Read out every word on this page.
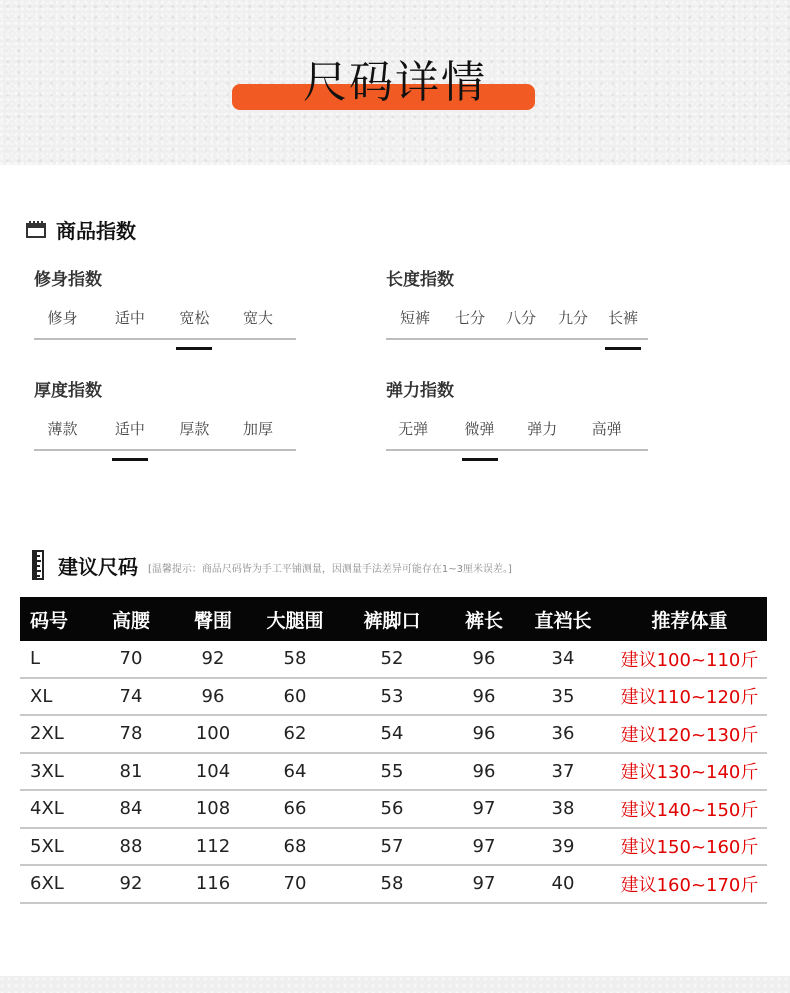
尺码详情
商品指数
修身指数
修身	适中	宽松	宽大
长度指数
短裤	七分	八分	九分	长裤
厚度指数
薄款	适中	厚款	加厚
弹力指数
无弹	微弹	弹力	高弹
建议尺码 [温馨提示：商品尺码皆为手工平铺测量，因测量手法差异可能存在1~3厘米误差。]
码号	高腰	臀围	大腿围	裤脚口	裤长	直裆长	推荐体重
L	70	92	58	52	96	34	建议100~110斤
XL	74	96	60	53	96	35	建议110~120斤
2XL	78	100	62	54	96	36	建议120~130斤
3XL	81	104	64	55	96	37	建议130~140斤
4XL	84	108	66	56	97	38	建议140~150斤
5XL	88	112	68	57	97	39	建议150~160斤
6XL	92	116	70	58	97	40	建议160~170斤
